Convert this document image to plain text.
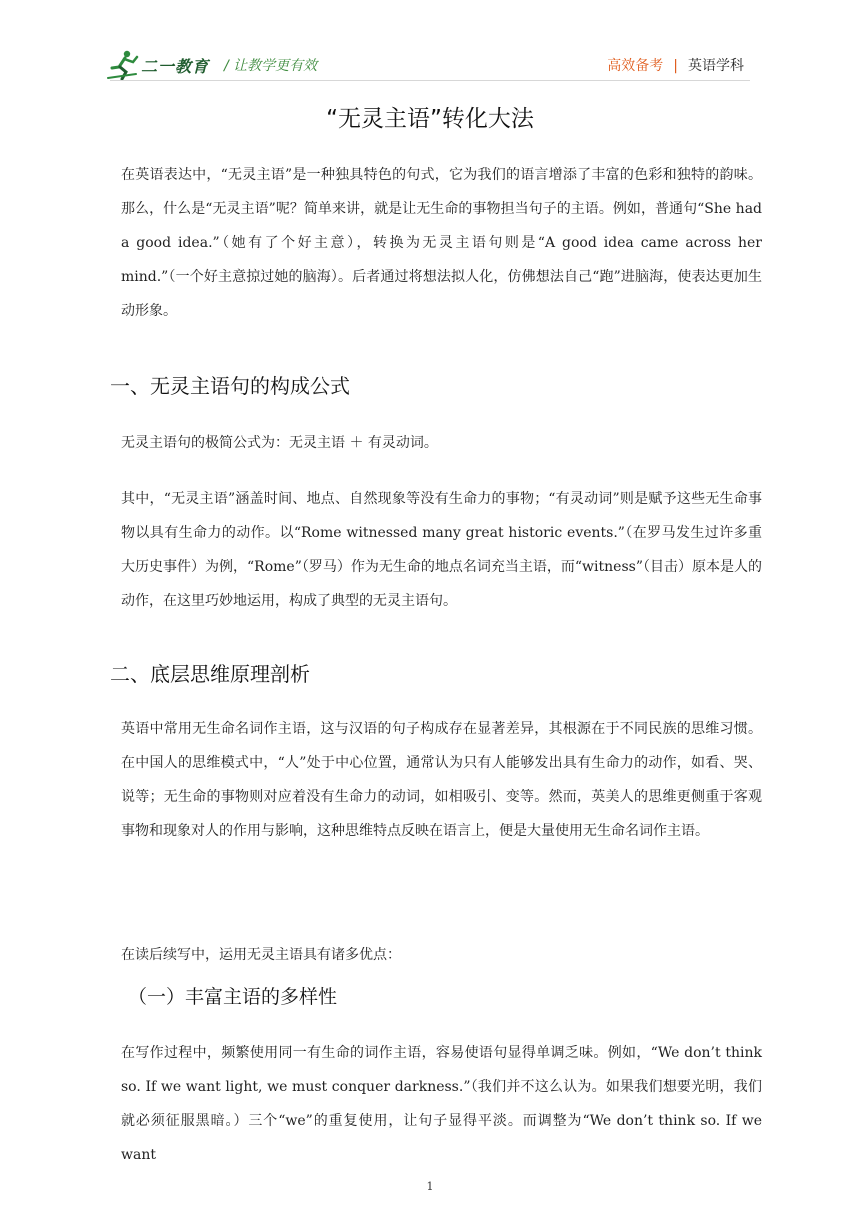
二一教育 / 让教学更有效	高效备考 | 英语学科
“无灵主语”转化大法

在英语表达中，“无灵主语”是一种独具特色的句式，它为我们的语言增添了丰富的色彩和独特的韵味。那么，什么是“无灵主语”呢？简单来讲，就是让无生命的事物担当句子的主语。例如，普通句“She had a good idea.”（她有了个好主意），转换为无灵主语句则是“A good idea came across her mind.”（一个好主意掠过她的脑海）。后者通过将想法拟人化，仿佛想法自己“跑”进脑海，使表达更加生动形象。

一、无灵主语句的构成公式

无灵主语句的极简公式为：无灵主语 ＋ 有灵动词。

其中，“无灵主语”涵盖时间、地点、自然现象等没有生命力的事物；“有灵动词”则是赋予这些无生命事物以具有生命力的动作。以“Rome witnessed many great historic events.”（在罗马发生过许多重大历史事件）为例，“Rome”（罗马）作为无生命的地点名词充当主语，而“witness”（目击）原本是人的动作，在这里巧妙地运用，构成了典型的无灵主语句。

二、底层思维原理剖析

英语中常用无生命名词作主语，这与汉语的句子构成存在显著差异，其根源在于不同民族的思维习惯。在中国人的思维模式中，“人”处于中心位置，通常认为只有人能够发出具有生命力的动作，如看、哭、说等；无生命的事物则对应着没有生命力的动词，如相吸引、变等。然而，英美人的思维更侧重于客观事物和现象对人的作用与影响，这种思维特点反映在语言上，便是大量使用无生命名词作主语。

在读后续写中，运用无灵主语具有诸多优点：

（一）丰富主语的多样性

在写作过程中，频繁使用同一有生命的词作主语，容易使语句显得单调乏味。例如，“We don’t think so. If we want light, we must conquer darkness.”（我们并不这么认为。如果我们想要光明，我们就必须征服黑暗。）三个“we”的重复使用，让句子显得平淡。而调整为“We don’t think so. If we want

1
